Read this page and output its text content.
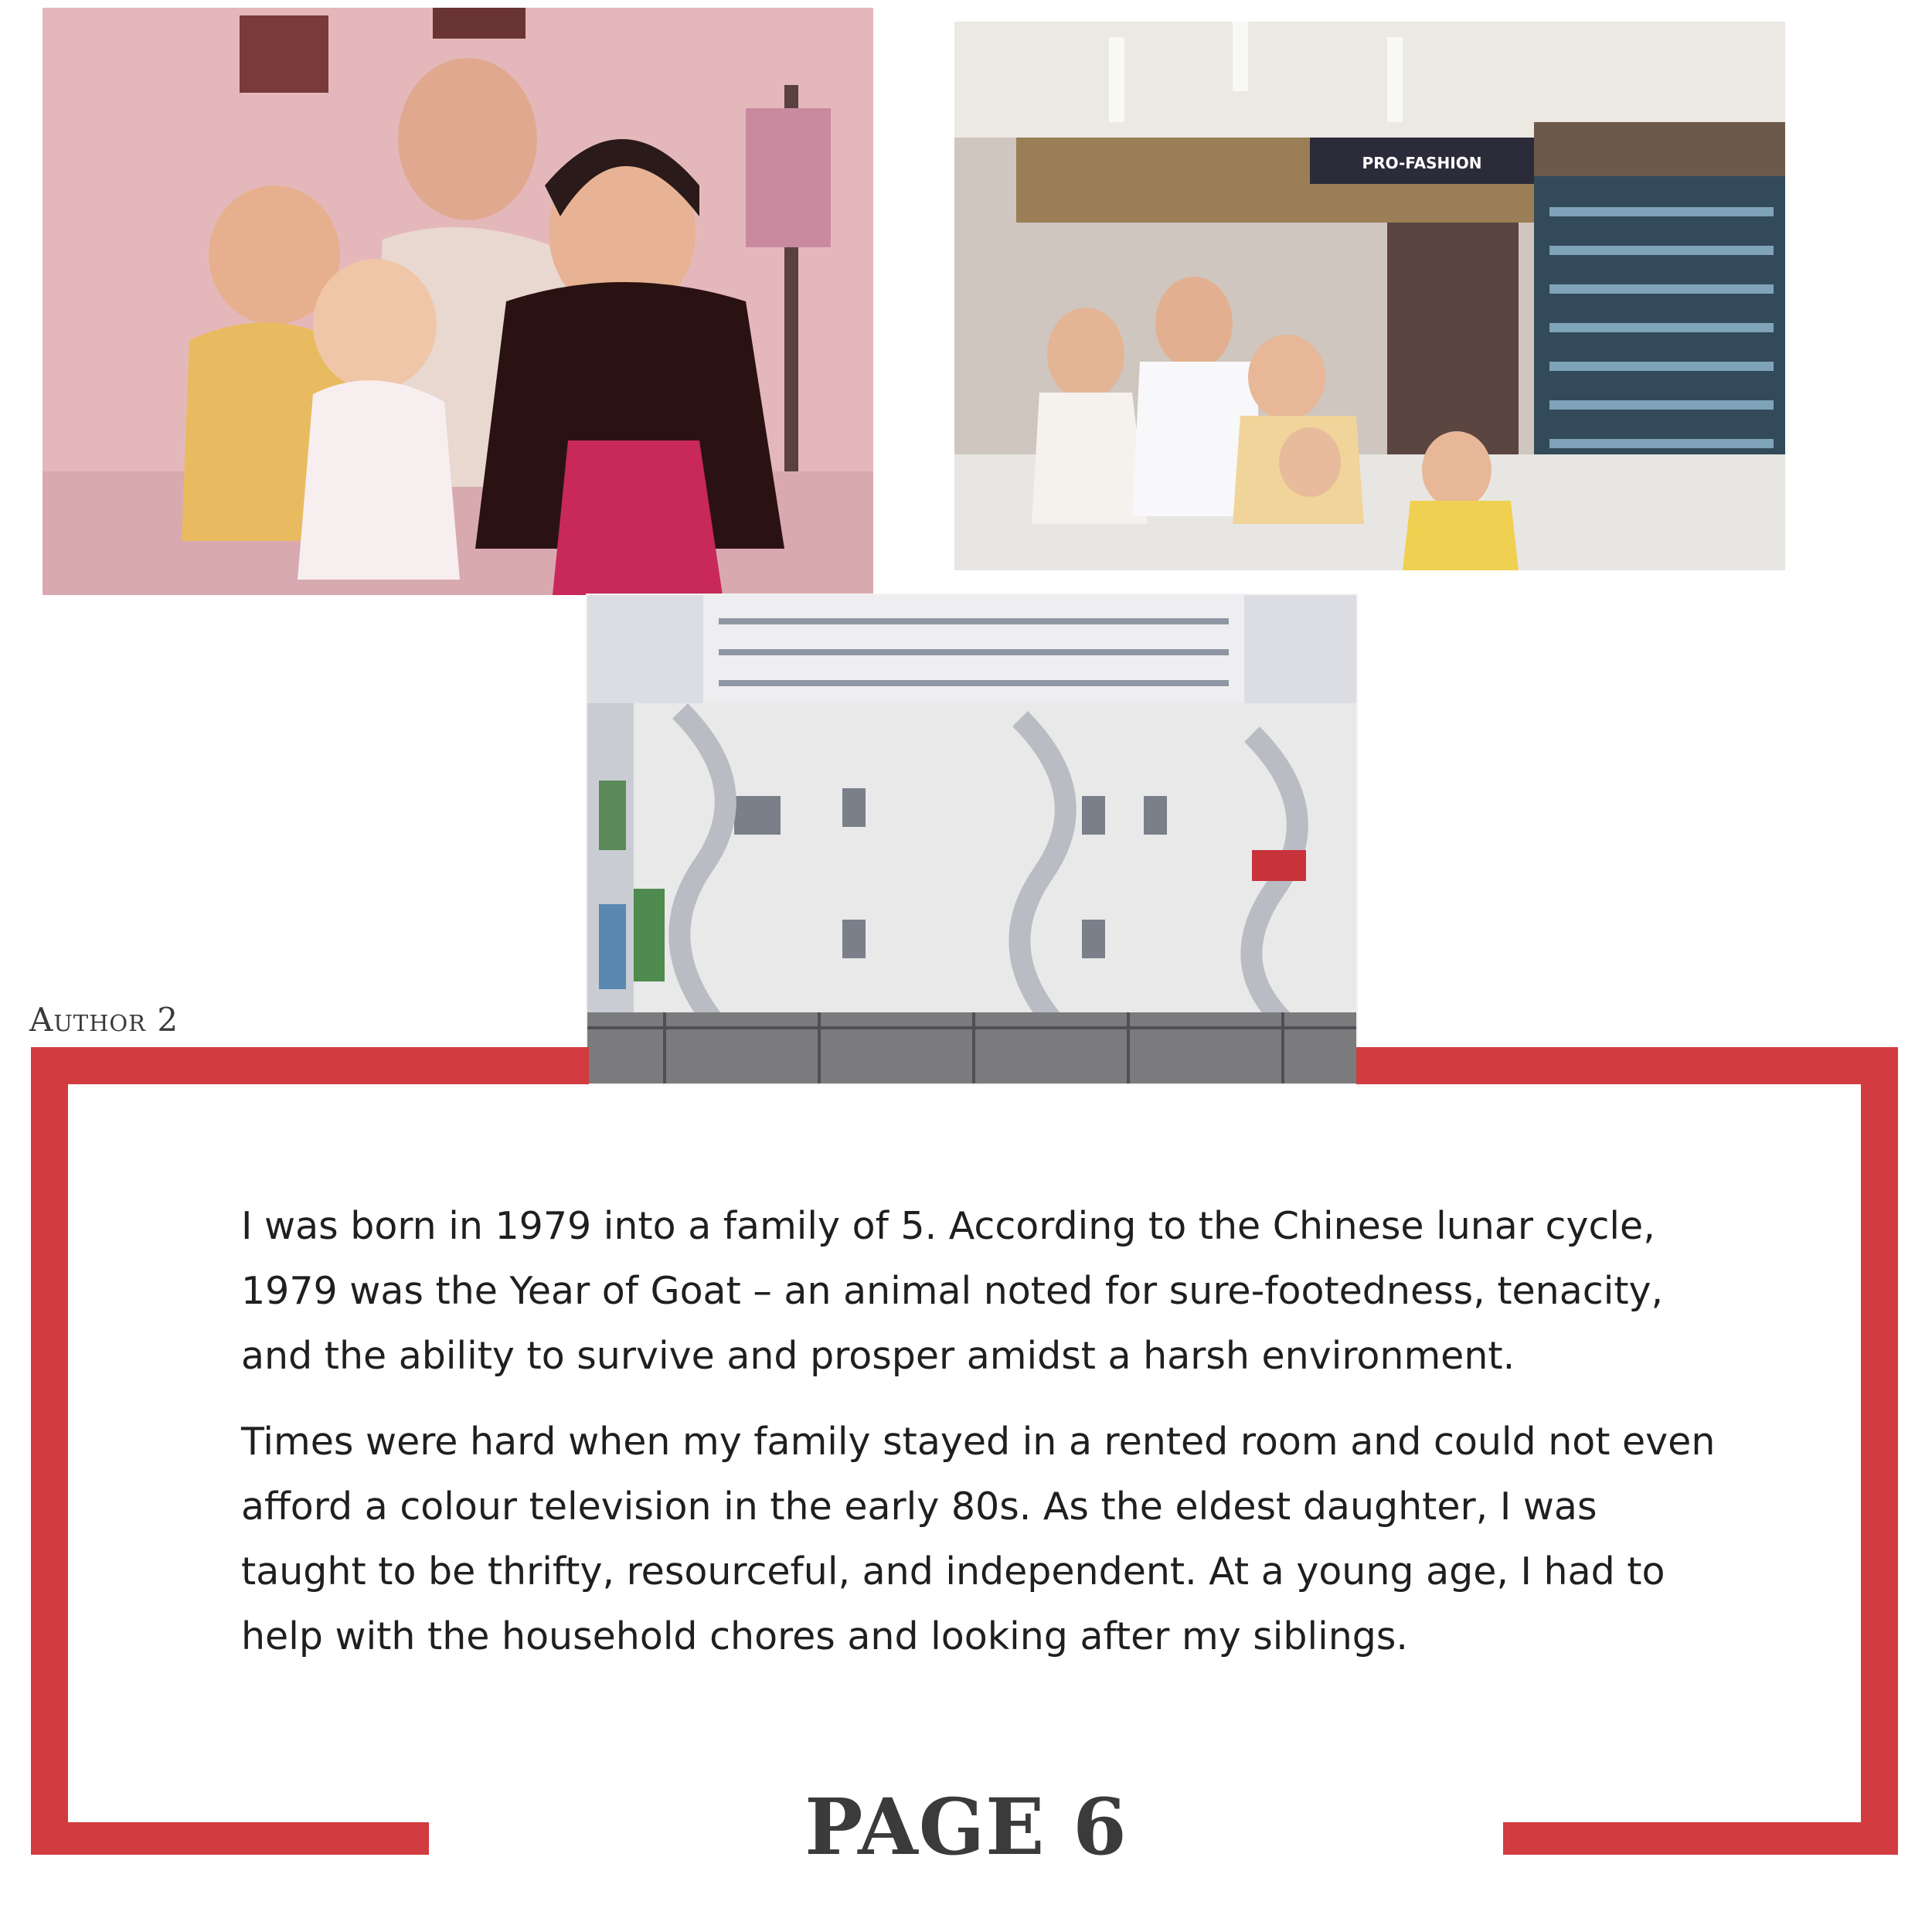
PRO-FASHION
Author 2

I was born in 1979 into a family of 5. According to the Chinese lunar cycle, 1979 was the Year of Goat – an animal noted for sure-footedness, tenacity, and the ability to survive and prosper amidst a harsh environment.

Times were hard when my family stayed in a rented room and could not even afford a colour television in the early 80s. As the eldest daughter, I was taught to be thrifty, resourceful, and independent. At a young age, I had to help with the household chores and looking after my siblings.

PAGE 6
